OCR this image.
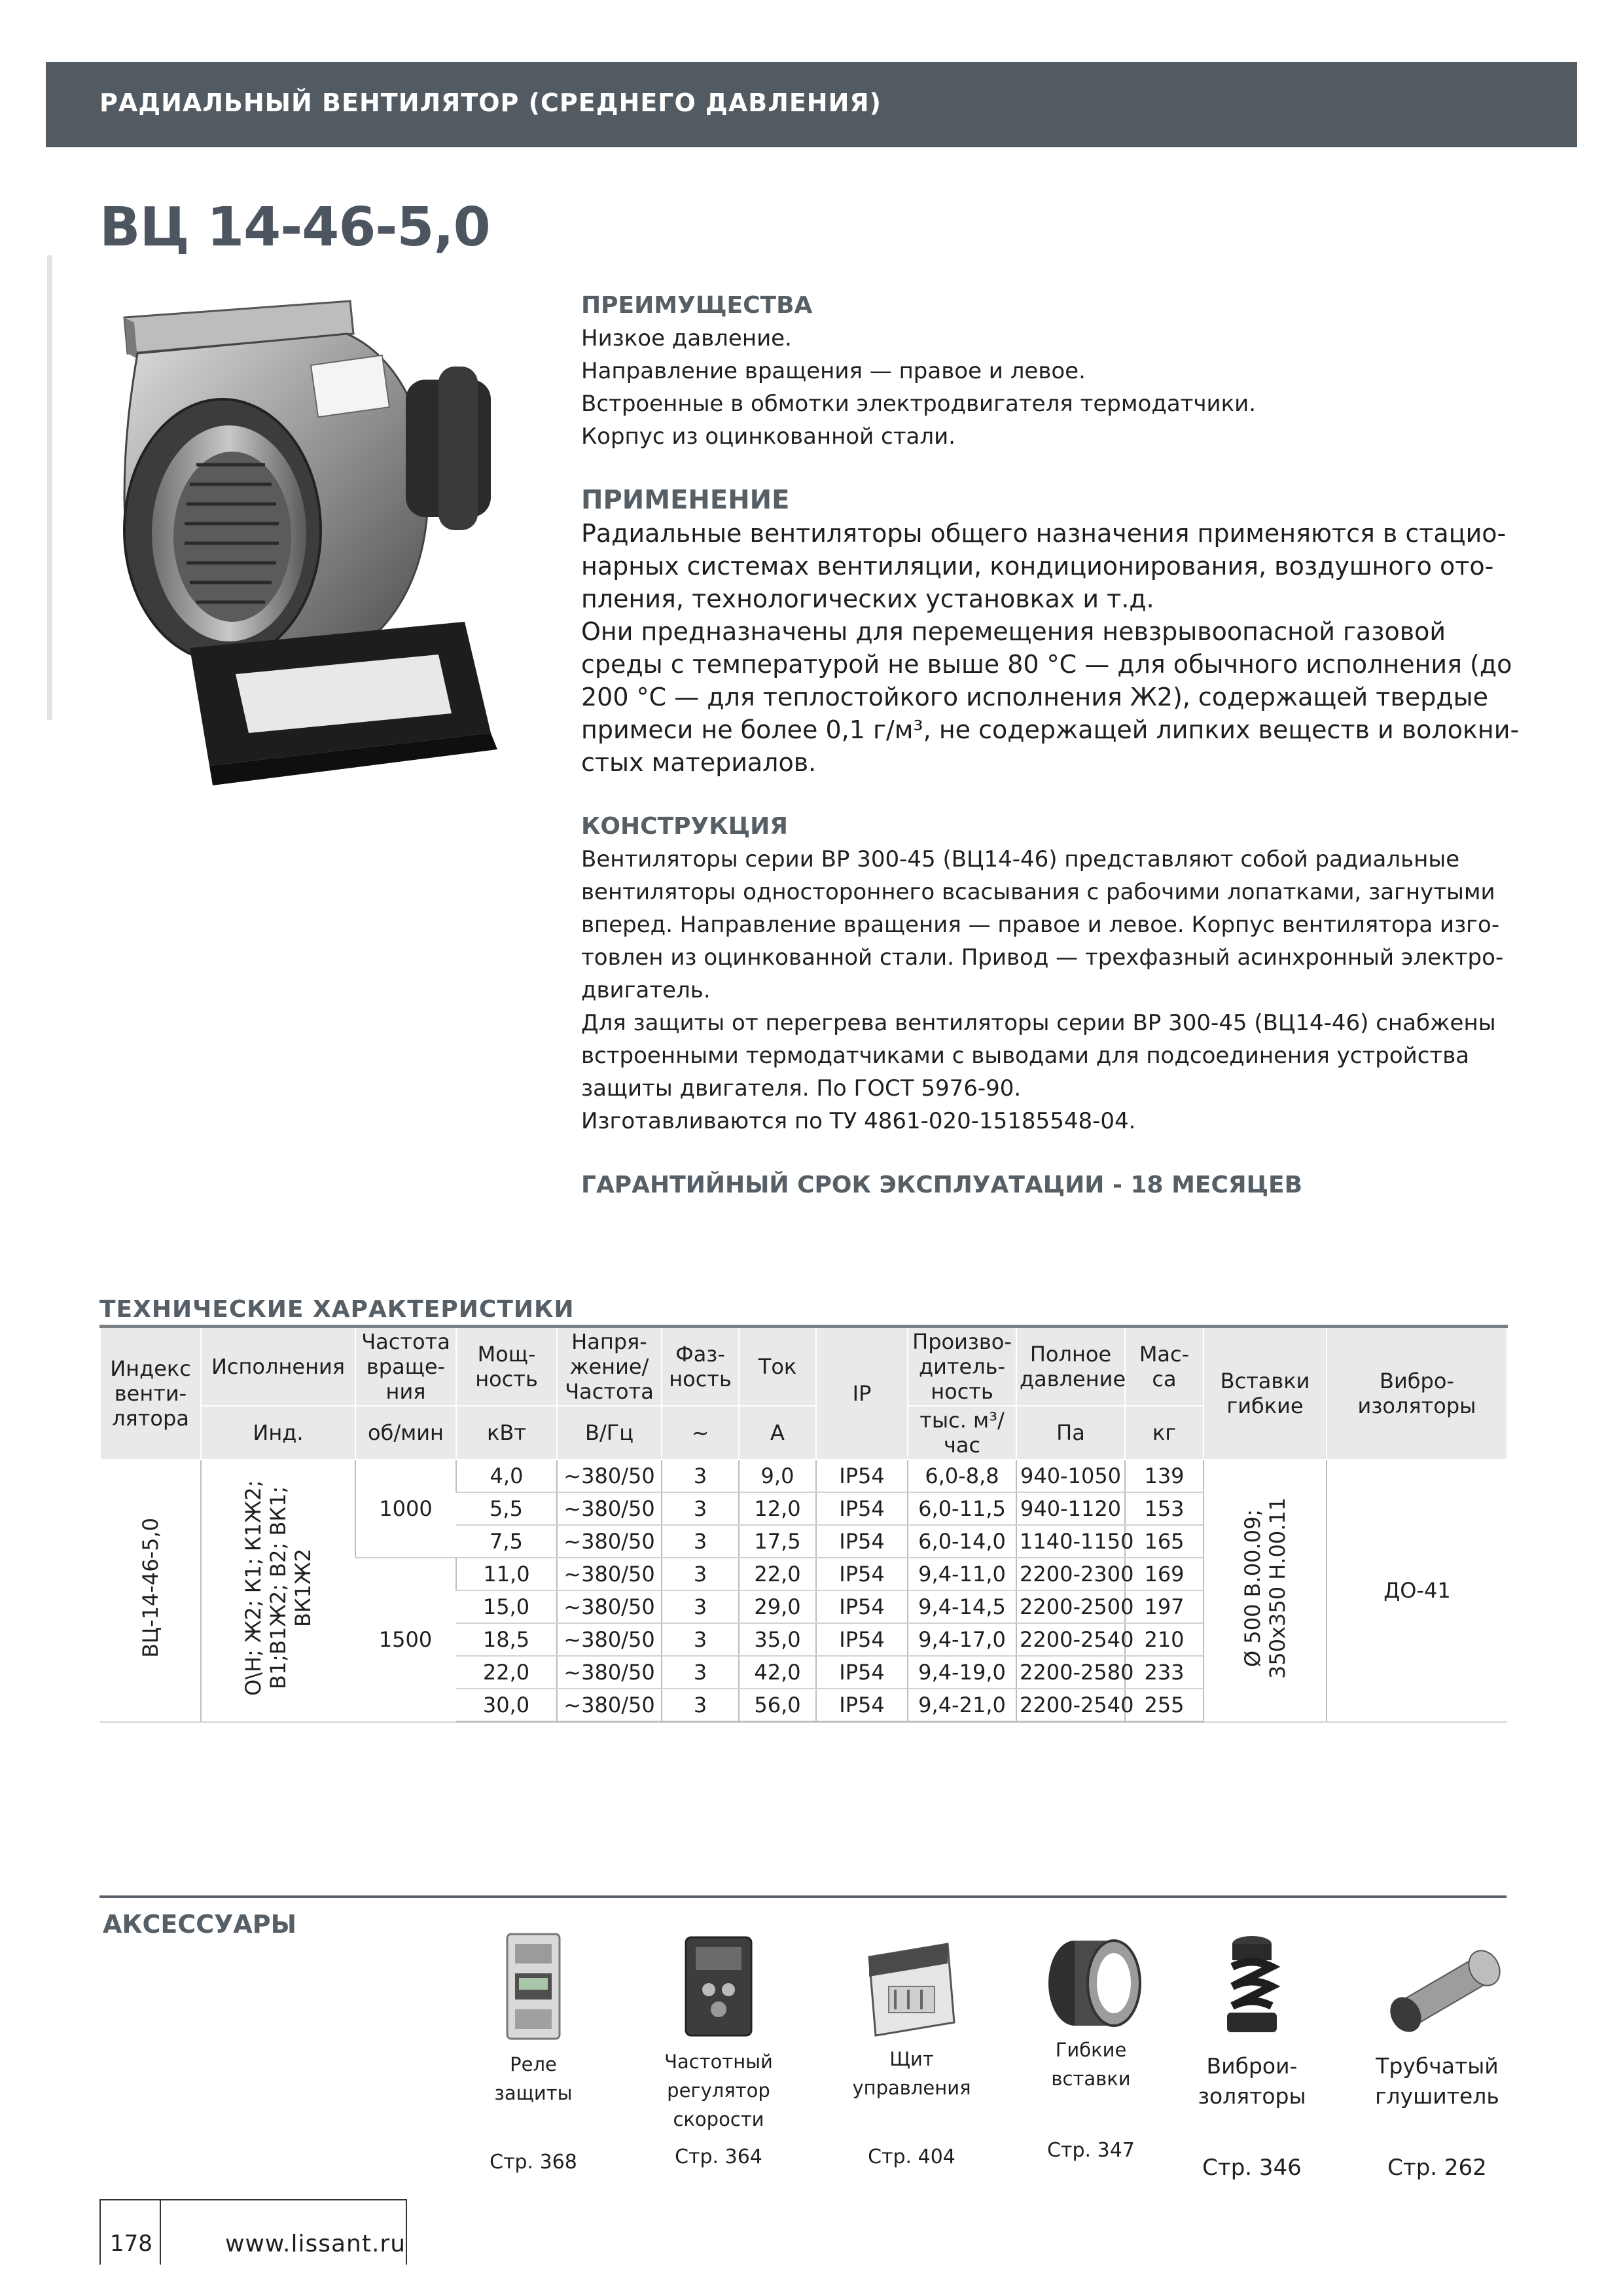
РАДИАЛЬНЫЙ ВЕНТИЛЯТОР (СРЕДНЕГО ДАВЛЕНИЯ)
ВЦ 14-46-5,0
ПРЕИМУЩЕСТВА
Низкое давление.
Направление вращения — правое и левое.
Встроенные в обмотки электродвигателя термодатчики.
Корпус из оцинкованной стали.
ПРИМЕНЕНИЕ
Радиальные вентиляторы общего назначения применяются в стацио-
нарных системах вентиляции, кондиционирования, воздушного ото-
пления, технологических установках и т.д.
Они предназначены для перемещения невзрывоопасной газовой
среды с температурой не выше 80 °C — для обычного исполнения (до
200 °C — для теплостойкого исполнения Ж2), содержащей твердые
примеси не более 0,1 г/м³, не содержащей липких веществ и волокни-
стых материалов.
КОНСТРУКЦИЯ
Вентиляторы серии ВР 300-45 (ВЦ14-46) представляют собой радиальные
вентиляторы одностороннего всасывания с рабочими лопатками, загнутыми
вперед. Направление вращения — правое и левое. Корпус вентилятора изго-
товлен из оцинкованной стали. Привод — трехфазный асинхронный электро-
двигатель.
Для защиты от перегрева вентиляторы серии ВР 300-45 (ВЦ14-46) снабжены
встроенными термодатчиками с выводами для подсоединения устройства
защиты двигателя. По ГОСТ 5976-90.
Изготавливаются по ТУ 4861-020-15185548-04.
ГАРАНТИЙНЫЙ СРОК ЭКСПЛУАТАЦИИ - 18 МЕСЯЦЕВ
ТЕХНИЧЕСКИЕ ХАРАКТЕРИСТИКИ
Индекс венти-лятора	Исполнения	Частота враще-ния	Мощ-ность	Напря-жение/ Частота	Фаз-ность	Ток	IP	Произво-дитель-ность	Полное давление	Мас-са	Вставки гибкие	Вибро-изоляторы
	Инд.	об/мин	кВт	В/Гц	~	А		тыс. м³/час	Па	кг		
ВЦ-14-46-5,0	О\Н; Ж2; К1; К1Ж2; В1;В1Ж2; В2; ВК1; ВК1Ж2	1000	4,0	~380/50	3	9,0	IP54	6,0-8,8	940-1050	139	Ø 500 В.00.09; 350х350 Н.00.11	ДО-41
			5,5	~380/50	3	12,0	IP54	6,0-11,5	940-1120	153		
			7,5	~380/50	3	17,5	IP54	6,0-14,0	1140-1150	165		
		1500	11,0	~380/50	3	22,0	IP54	9,4-11,0	2200-2300	169		
			15,0	~380/50	3	29,0	IP54	9,4-14,5	2200-2500	197		
			18,5	~380/50	3	35,0	IP54	9,4-17,0	2200-2540	210		
			22,0	~380/50	3	42,0	IP54	9,4-19,0	2200-2580	233		
			30,0	~380/50	3	56,0	IP54	9,4-21,0	2200-2540	255		
АКСЕССУАРЫ
Реле
защиты
Стр. 368
Частотный
регулятор
скорости
Стр. 364
Щит
управления
Стр. 404
Гибкие
вставки
Стр. 347
Виброи-
золяторы
Стр. 346
Трубчатый
глушитель
Стр. 262
178	www.lissant.ru
